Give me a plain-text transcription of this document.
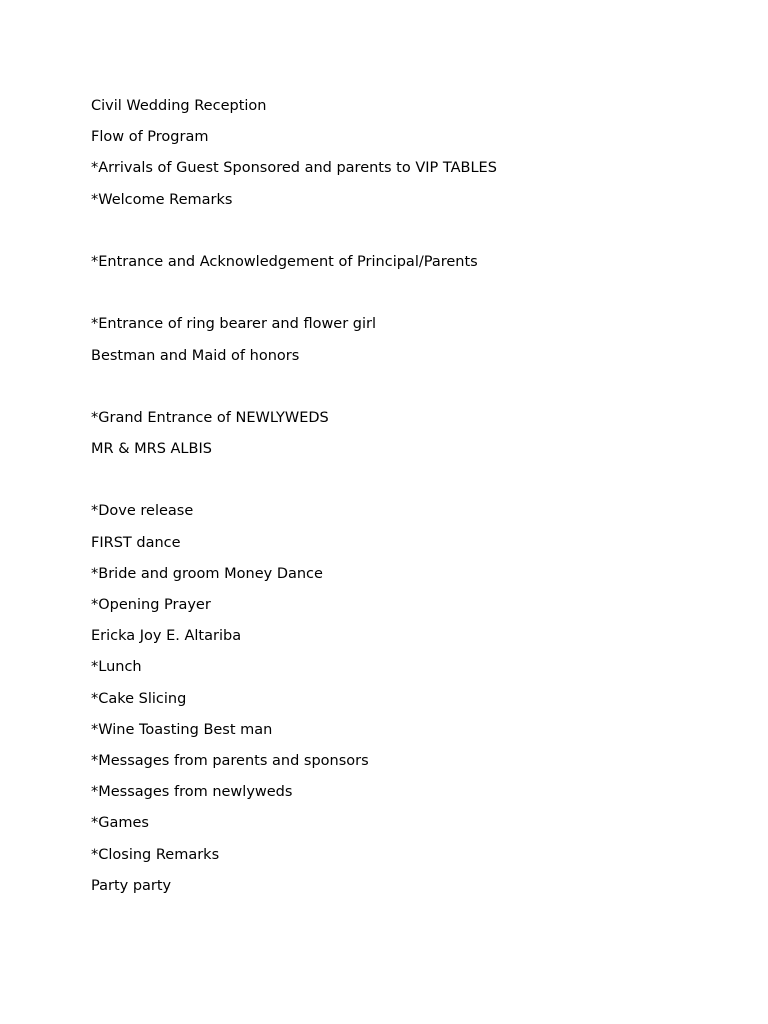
Civil Wedding Reception
Flow of Program
*Arrivals of Guest Sponsored and parents to VIP TABLES
*Welcome Remarks
*Entrance and Acknowledgement of Principal/Parents
*Entrance of ring bearer and flower girl
Bestman and Maid of honors
*Grand Entrance of NEWLYWEDS
MR & MRS ALBIS
*Dove release
FIRST dance
*Bride and groom Money Dance
*Opening Prayer
Ericka Joy E. Altariba
*Lunch
*Cake Slicing
*Wine Toasting Best man
*Messages from parents and sponsors
*Messages from newlyweds
*Games
*Closing Remarks
Party party
